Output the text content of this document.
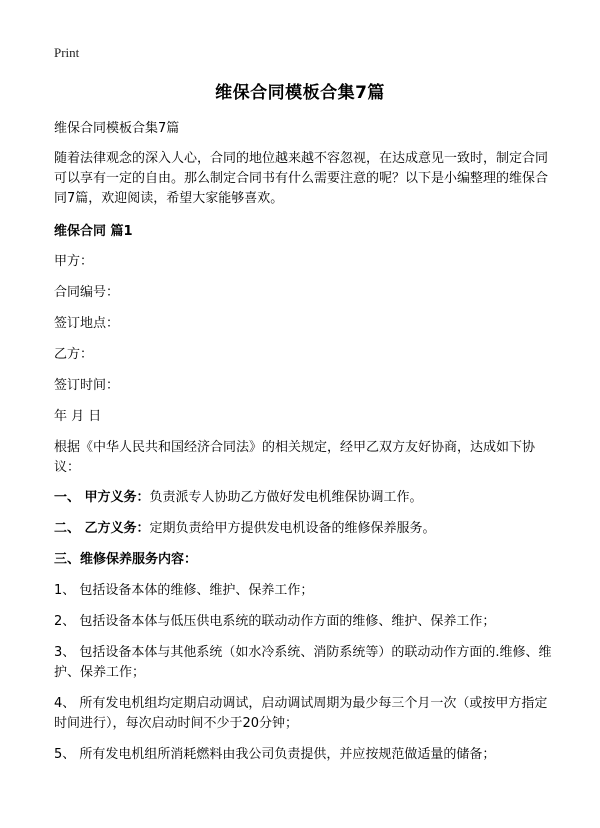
Print
维保合同模板合集7篇

维保合同模板合集7篇

随着法律观念的深入人心，合同的地位越来越不容忽视，在达成意见一致时，制定合同可以享有一定的自由。那么制定合同书有什么需要注意的呢？以下是小编整理的维保合同7篇，欢迎阅读，希望大家能够喜欢。

维保合同 篇1

甲方：

合同编号：

签订地点：

乙方：

签订时间：

年 月 日

根据《中华人民共和国经济合同法》的相关规定，经甲乙双方友好协商，达成如下协议：

一、 甲方义务：负责派专人协助乙方做好发电机维保协调工作。

二、 乙方义务：定期负责给甲方提供发电机设备的维修保养服务。

三、维修保养服务内容：

1、 包括设备本体的维修、维护、保养工作；

2、 包括设备本体与低压供电系统的联动动作方面的维修、维护、保养工作；

3、 包括设备本体与其他系统（如水冷系统、消防系统等）的联动动作方面的.维修、维护、保养工作；

4、 所有发电机组均定期启动调试，启动调试周期为最少每三个月一次（或按甲方指定时间进行），每次启动时间不少于20分钟；

5、 所有发电机组所消耗燃料由我公司负责提供，并应按规范做适量的储备；
